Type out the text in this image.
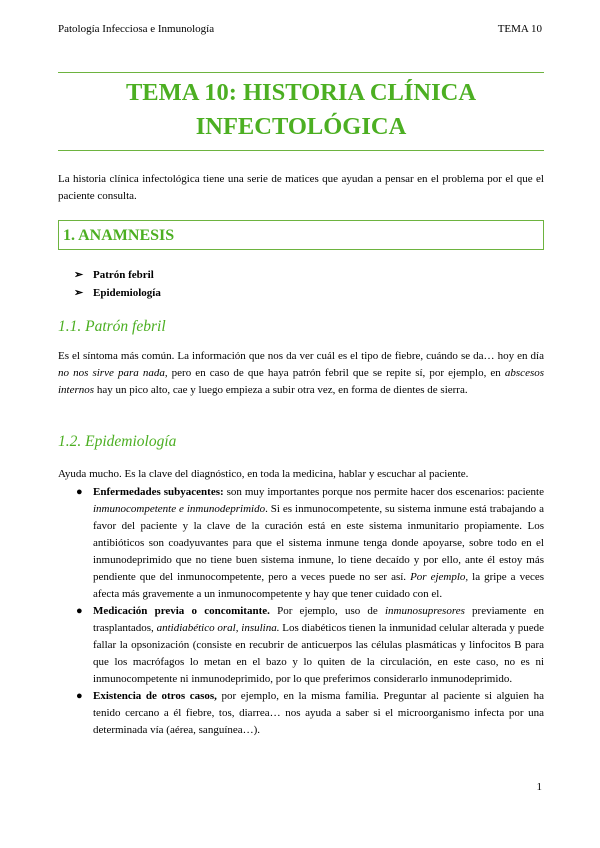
Patología Infecciosa e Inmunología	TEMA 10
TEMA 10: HISTORIA CLÍNICA
INFECTOLÓGICA
La historia clínica infectológica tiene una serie de matices que ayudan a pensar en el problema por el que el paciente consulta.
1. ANAMNESIS
➢ Patrón febril
➢ Epidemiología
1.1. Patrón febril
Es el síntoma más común. La información que nos da ver cuál es el tipo de fiebre, cuándo se da… hoy en día no nos sirve para nada, pero en caso de que haya patrón febril que se repite sí, por ejemplo, en abscesos internos hay un pico alto, cae y luego empieza a subir otra vez, en forma de dientes de sierra.
1.2. Epidemiología
Ayuda mucho. Es la clave del diagnóstico, en toda la medicina, hablar y escuchar al paciente.
● Enfermedades subyacentes: son muy importantes porque nos permite hacer dos escenarios: paciente inmunocompetente e inmunodeprimido. Si es inmunocompetente, su sistema inmune está trabajando a favor del paciente y la clave de la curación está en este sistema inmunitario propiamente. Los antibióticos son coadyuvantes para que el sistema inmune tenga donde apoyarse, sobre todo en el inmunodeprimido que no tiene buen sistema inmune, lo tiene decaído y por ello, ante él estoy más pendiente que del inmunocompetente, pero a veces puede no ser así. Por ejemplo, la gripe a veces afecta más gravemente a un inmunocompetente y hay que tener cuidado con el.
● Medicación previa o concomitante. Por ejemplo, uso de inmunosupresores previamente en trasplantados, antidiabético oral, insulina. Los diabéticos tienen la inmunidad celular alterada y puede fallar la opsonización (consiste en recubrir de anticuerpos las células plasmáticas y linfocitos B para que los macrófagos lo metan en el bazo y lo quiten de la circulación, en este caso, no es ni inmunocompetente ni inmunodeprimido, por lo que preferimos considerarlo inmunodeprimido.
● Existencia de otros casos, por ejemplo, en la misma familia. Preguntar al paciente si alguien ha tenido cercano a él fiebre, tos, diarrea… nos ayuda a saber si el microorganismo infecta por una determinada vía (aérea, sanguínea…).
1
